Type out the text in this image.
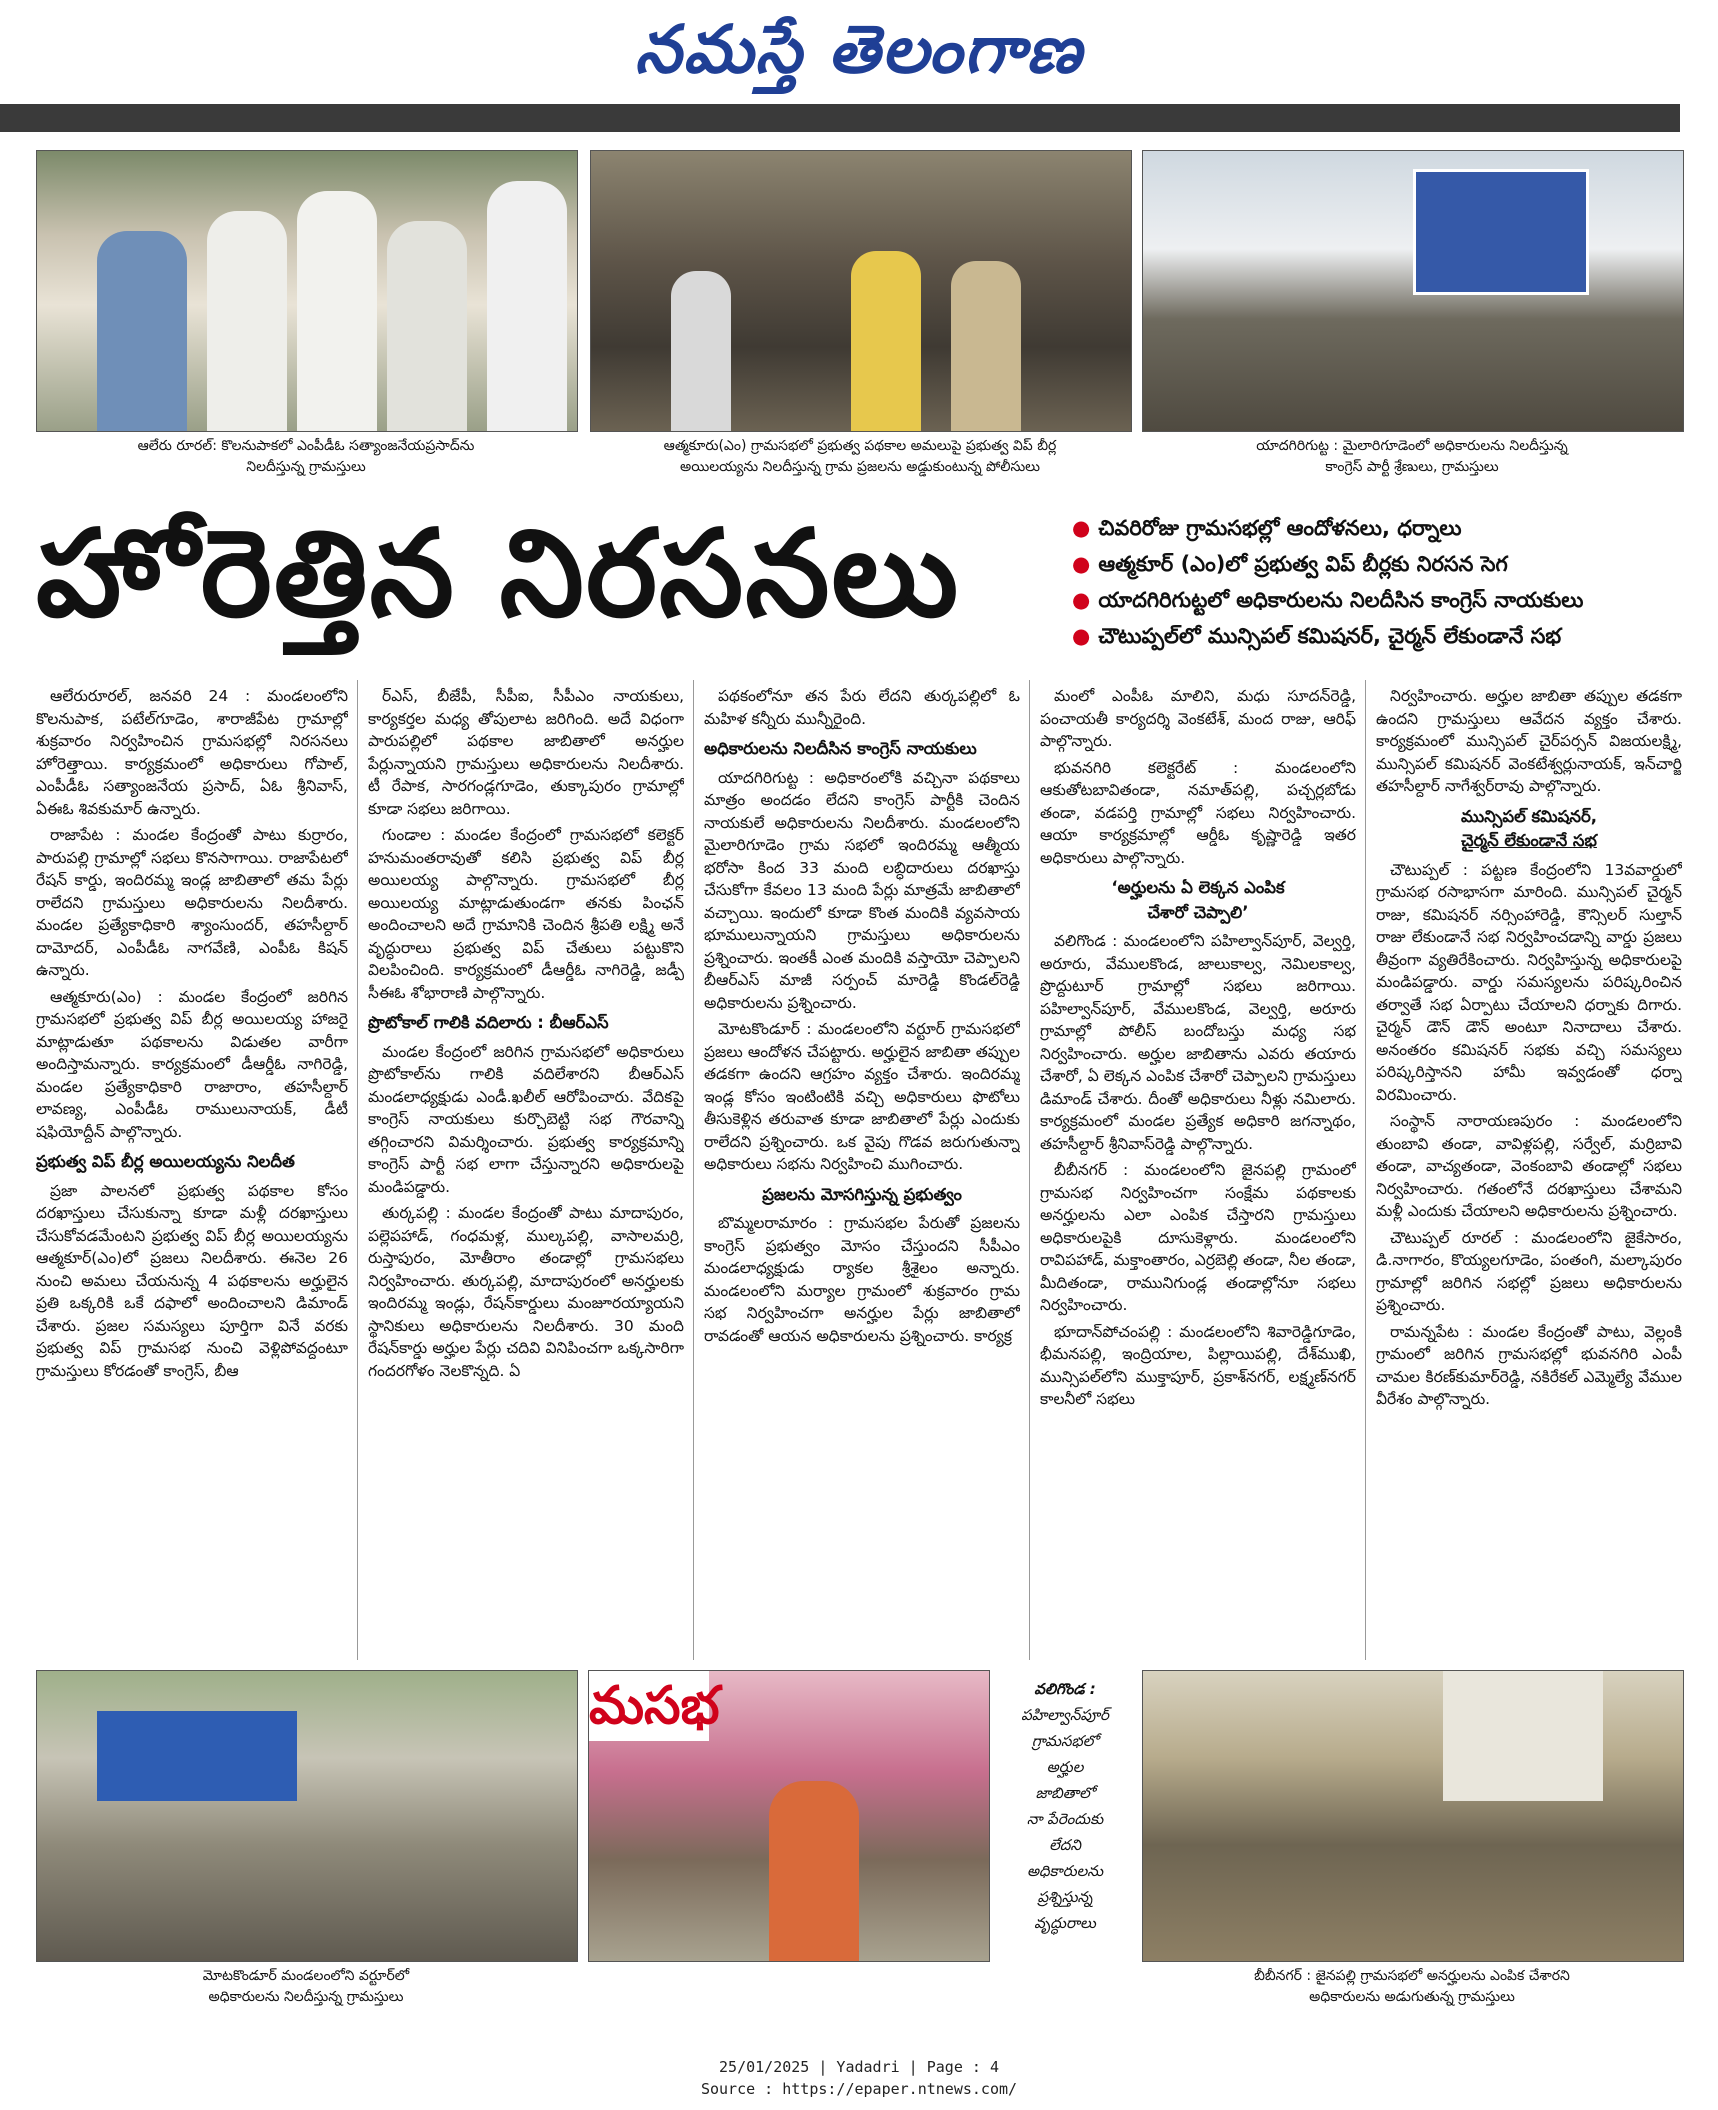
నమస్తే తెలంగాణ
ఆలేరు రూరల్‌: కొలనుపాకలో ఎంపీడీఓ సత్యాంజనేయప్రసాద్‌ను
నిలదీస్తున్న గ్రామస్తులు
ఆత్మకూరు(ఎం) గ్రామసభలో ప్రభుత్వ పథకాల అమలుపై ప్రభుత్వ విప్‌ బీర్ల
అయిలయ్యను నిలదీస్తున్న గ్రామ ప్రజలను అడ్డుకుంటున్న పోలీసులు
యాదగిరిగుట్ట : మైలారిగూడెంలో అధికారులను నిలదీస్తున్న
కాంగ్రెస్‌ పార్టీ శ్రేణులు, గ్రామస్తులు
హోరెత్తిన నిరసనలు	● చివరిరోజు గ్రామసభల్లో ఆందోళనలు, ధర్నాలు
● ఆత్మకూర్‌ (ఎం)లో ప్రభుత్వ విప్‌ బీర్లకు నిరసన సెగ
● యాదగిరిగుట్టలో అధికారులను నిలదీసిన కాంగ్రెస్‌ నాయకులు
● చౌటుప్పల్‌లో మున్సిపల్‌ కమిషనర్‌, చైర్మన్‌ లేకుండానే సభ

ఆలేరురూరల్‌, జనవరి 24 : మండలంలోని కొలనుపాక, పటేల్‌గూడెం, శారాజీపేట గ్రామాల్లో శుక్రవారం నిర్వహించిన గ్రామసభల్లో నిరసనలు హోరెత్తాయి. కార్యక్రమంలో అధికారులు గోపాల్‌, ఎంపీడీఓ సత్యాంజనేయ ప్రసాద్‌, ఏఓ శ్రీనివాస్‌, ఏఈఓ శివకుమార్‌ ఉన్నారు.

రాజాపేట : మండల కేంద్రంతో పాటు కుర్రారం, పారుపల్లి గ్రామాల్లో సభలు కొనసాగాయి. రాజాపేటలో రేషన్‌ కార్డు, ఇందిరమ్మ ఇండ్ల జాబితాలో తమ పేర్లు రాలేదని గ్రామస్తులు అధికారులను నిలదీశారు. మండల ప్రత్యేకాధికారి శ్యాంసుందర్‌, తహసీల్దార్‌ దామోదర్‌, ఎంపీడీఓ నాగవేణి, ఎంపీఓ కిషన్‌ ఉన్నారు.

ఆత్మకూరు(ఎం) : మండల కేంద్రంలో జరిగిన గ్రామసభలో ప్రభుత్వ విప్‌ బీర్ల అయిలయ్య హాజరై మాట్లాడుతూ పథకాలను విడుతల వారీగా అందిస్తామన్నారు. కార్యక్రమంలో డీఆర్డీఓ నాగిరెడ్డి, మండల ప్రత్యేకాధికారి రాజారాం, తహసీల్దార్‌ లావణ్య, ఎంపీడీఓ రాములునాయక్‌, డీటీ షఫియోద్దీన్‌ పాల్గొన్నారు.

ప్రభుత్వ విప్‌ బీర్ల అయిలయ్యను నిలదీత

ప్రజా పాలనలో ప్రభుత్వ పథకాల కోసం దరఖాస్తులు చేసుకున్నా కూడా మళ్లీ దరఖాస్తులు చేసుకోవడమేంటని ప్రభుత్వ విప్‌ బీర్ల అయిలయ్యను ఆత్మకూర్‌(ఎం)లో ప్రజలు నిలదీశారు. ఈనెల 26 నుంచి అమలు చేయనున్న 4 పథకాలను అర్హులైన ప్రతి ఒక్కరికి ఒకే దఫాలో అందించాలని డిమాండ్‌ చేశారు. ప్రజల సమస్యలు పూర్తిగా వినే వరకు ప్రభుత్వ విప్‌ గ్రామసభ నుంచి వెళ్లిపోవద్దంటూ గ్రామస్తులు కోరడంతో కాంగ్రెస్‌, బీఆ

ర్‌ఎస్‌, బీజేపీ, సీపీఐ, సీపీఎం నాయకులు, కార్యకర్తల మధ్య తోపులాట జరిగింది. అదే విధంగా పారుపల్లిలో పథకాల జాబితాలో అనర్హుల పేర్లున్నాయని గ్రామస్తులు అధికారులను నిలదీశారు. టీ రేపాక, సారగండ్లగూడెం, తుక్కాపురం గ్రామాల్లో కూడా సభలు జరిగాయి.

గుండాల : మండల కేంద్రంలో గ్రామసభలో కలెక్టర్‌ హనుమంతరావుతో కలిసి ప్రభుత్వ విప్‌ బీర్ల అయిలయ్య పాల్గొన్నారు. గ్రామసభలో బీర్ల అయిలయ్య మాట్లాడుతుండగా తనకు పింఛన్‌ అందించాలని అదే గ్రామానికి చెందిన శ్రీపతి లక్ష్మి అనే వృద్ధురాలు ప్రభుత్వ విప్‌ చేతులు పట్టుకొని విలపించింది. కార్యక్రమంలో డీఆర్డీఓ నాగిరెడ్డి, జడ్పీ సీఈఓ శోభారాణి పాల్గొన్నారు.

ప్రొటోకాల్‌ గాలికి వదిలారు : బీఆర్‌ఎస్‌

మండల కేంద్రంలో జరిగిన గ్రామసభలో అధికారులు ప్రొటోకాల్‌ను గాలికి వదిలేశారని బీఆర్‌ఎస్‌ మండలాధ్యక్షుడు ఎండీ.ఖలీల్‌ ఆరోపించారు. వేదికపై కాంగ్రెస్‌ నాయకులు కుర్చొబెట్టి సభ గౌరవాన్ని తగ్గించారని విమర్శించారు. ప్రభుత్వ కార్యక్రమాన్ని కాంగ్రెస్‌ పార్టీ సభ లాగా చేస్తున్నారని అధికారులపై మండిపడ్డారు.

తుర్కపల్లి : మండల కేంద్రంతో పాటు మాదాపురం, పల్లెపహాడ్‌, గంధమళ్ల, ముల్కపల్లి, వాసాలమర్రి, రుస్తాపురం, మోతీరాం తండాల్లో గ్రామసభలు నిర్వహించారు. తుర్కపల్లి, మాదాపురంలో అనర్హులకు ఇందిరమ్మ ఇండ్లు, రేషన్‌కార్డులు మంజూరయ్యాయని స్థానికులు అధికారులను నిలదీశారు. 30 మంది రేషన్‌కార్డు అర్హుల పేర్లు చదివి వినిపించగా ఒక్కసారిగా గందరగోళం నెలకొన్నది. ఏ

పథకంలోనూ తన పేరు లేదని తుర్కపల్లిలో ఓ మహిళ కన్నీరు మున్నీరైంది.

అధికారులను నిలదీసిన కాంగ్రెస్‌ నాయకులు

యాదగిరిగుట్ట : అధికారంలోకి వచ్చినా పథకాలు మాత్రం అందడం లేదని కాంగ్రెస్‌ పార్టీకి చెందిన నాయకులే అధికారులను నిలదీశారు. మండలంలోని మైలారిగూడెం గ్రామ సభలో ఇందిరమ్మ ఆత్మీయ భరోసా కింద 33 మంది లబ్ధిదారులు దరఖాస్తు చేసుకోగా కేవలం 13 మంది పేర్లు మాత్రమే జాబితాలో వచ్చాయి. ఇందులో కూడా కొంత మందికి వ్యవసాయ భూములున్నాయని గ్రామస్తులు అధికారులను ప్రశ్నించారు. ఇంతకీ ఎంత మందికి వస్తాయో చెప్పాలని బీఆర్‌ఎస్‌ మాజీ సర్పంచ్‌ మారెడ్డి కొండల్‌రెడ్డి అధికారులను ప్రశ్నించారు.

మోటకొండూర్‌ : మండలంలోని వర్టూర్‌ గ్రామసభలో ప్రజలు ఆందోళన చేపట్టారు. అర్హులైన జాబితా తప్పుల తడకగా ఉందని ఆగ్రహం వ్యక్తం చేశారు. ఇందిరమ్మ ఇండ్ల కోసం ఇంటింటికి వచ్చి అధికారులు ఫొటోలు తీసుకెళ్లిన తరువాత కూడా జాబితాలో పేర్లు ఎందుకు రాలేదని ప్రశ్నించారు. ఒక వైపు గొడవ జరుగుతున్నా అధికారులు సభను నిర్వహించి ముగించారు.

ప్రజలను మోసగిస్తున్న ప్రభుత్వం

బొమ్మలరామారం : గ్రామసభల పేరుతో ప్రజలను కాంగ్రెస్‌ ప్రభుత్వం మోసం చేస్తుందని సీపీఎం మండలాధ్యక్షుడు ర్యాకల శ్రీశైలం అన్నారు. మండలంలోని మర్యాల గ్రామంలో శుక్రవారం గ్రామ సభ నిర్వహించగా అనర్హుల పేర్లు జాబితాలో రావడంతో ఆయన అధికారులను ప్రశ్నించారు. కార్యక్ర

మంలో ఎంపీఓ మాలిని, మధు సూదన్‌రెడ్డి, పంచాయతీ కార్యదర్శి వెంకటేశ్‌, మంద రాజు, ఆరిఫ్‌ పాల్గొన్నారు.

భువనగిరి కలెక్టరేట్‌ : మండలంలోని ఆకుతోటబావితండా, నమాత్‌పల్లి, పచ్చర్లబోడు తండా, వడపర్తి గ్రామాల్లో సభలు నిర్వహించారు. ఆయా కార్యక్రమాల్లో ఆర్డీఓ కృష్ణారెడ్డి ఇతర అధికారులు పాల్గొన్నారు.

‘అర్హులను ఏ లెక్కన ఎంపిక
చేశారో చెప్పాలి’

వలిగొండ : మండలంలోని పహిల్వాన్‌పూర్‌, వెల్వర్తి, అరూరు, వేములకొండ, జాలుకాల్వ, నెమిలకాల్వ, ప్రొద్దుటూర్‌ గ్రామాల్లో సభలు జరిగాయి. పహిల్వాన్‌పూర్‌, వేములకొండ, వెల్వర్తి, అరూరు గ్రామాల్లో పోలీస్‌ బందోబస్తు మధ్య సభ నిర్వహించారు. అర్హుల జాబితాను ఎవరు తయారు చేశారో, ఏ లెక్కన ఎంపిక చేశారో చెప్పాలని గ్రామస్తులు డిమాండ్‌ చేశారు. దీంతో అధికారులు నీళ్లు నమిలారు. కార్యక్రమంలో మండల ప్రత్యేక అధికారి జగన్నాథం, తహసీల్దార్‌ శ్రీనివాస్‌రెడ్డి పాల్గొన్నారు.

బీబీనగర్‌ : మండలంలోని జైనపల్లి గ్రామంలో గ్రామసభ నిర్వహించగా సంక్షేమ పథకాలకు అనర్హులను ఎలా ఎంపిక చేస్తారని గ్రామస్తులు అధికారులపైకి దూసుకెళ్లారు. మండలంలోని రావిపహాడ్‌, మక్తాంతారం, ఎర్రబెల్లి తండా, నీల తండా, మీదితండా, రామునిగుండ్ల తండాల్లోనూ సభలు నిర్వహించారు.

భూదాన్‌పోచంపల్లి : మండలంలోని శివారెడ్డిగూడెం, భీమనపల్లి, ఇంద్రియాల, పిల్లాయిపల్లి, దేశ్‌ముఖి, మున్సిపల్‌లోని ముక్తాపూర్‌, ప్రకాశ్‌నగర్‌, లక్ష్మణ్‌నగర్‌ కాలనీలో సభలు

నిర్వహించారు. అర్హుల జాబితా తప్పుల తడకగా ఉందని గ్రామస్తులు ఆవేదన వ్యక్తం చేశారు. కార్యక్రమంలో మున్సిపల్‌ చైర్‌పర్సన్‌ విజయలక్ష్మి, మున్సిపల్‌ కమిషనర్‌ వెంకటేశ్వర్లునాయక్‌, ఇన్‌చార్జి తహసీల్దార్‌ నాగేశ్వర్‌రావు పాల్గొన్నారు.

మున్సిపల్‌ కమిషనర్‌,
చైర్మన్‌ లేకుండానే సభ

చౌటుప్పల్‌ : పట్టణ కేంద్రంలోని 13వవార్డులో గ్రామసభ రసాభాసగా మారింది. మున్సిపల్‌ చైర్మన్‌ రాజు, కమిషనర్‌ నర్సింహారెడ్డి, కౌన్సిలర్‌ సుల్తాన్‌ రాజు లేకుండానే సభ నిర్వహించడాన్ని వార్డు ప్రజలు తీవ్రంగా వ్యతిరేకించారు. నిర్వహిస్తున్న అధికారులపై మండిపడ్డారు. వార్డు సమస్యలను పరిష్కరించిన తర్వాతే సభ ఏర్పాటు చేయాలని ధర్నాకు దిగారు. చైర్మన్‌ డౌన్‌ డౌన్‌ అంటూ నినాదాలు చేశారు. అనంతరం కమిషనర్‌ సభకు వచ్చి సమస్యలు పరిష్కరిస్తానని హామీ ఇవ్వడంతో ధర్నా విరమించారు.

సంస్థాన్‌ నారాయణపురం : మండలంలోని తుంబావి తండా, వావిళ్లపల్లి, సర్వేల్‌, మర్రిబావి తండా, వాచ్యతండా, వెంకంబావి తండాల్లో సభలు నిర్వహించారు. గతంలోనే దరఖాస్తులు చేశామని మళ్లీ ఎందుకు చేయాలని అధికారులను ప్రశ్నించారు.

చౌటుప్పల్‌ రూరల్‌ : మండలంలోని జైకేసారం, డి.నాగారం, కొయ్యలగూడెం, పంతంగి, మల్కాపురం గ్రామాల్లో జరిగిన సభల్లో ప్రజలు అధికారులను ప్రశ్నించారు.

రామన్నపేట : మండల కేంద్రంతో పాటు, వెల్లంకి గ్రామంలో జరిగిన గ్రామసభల్లో భువనగిరి ఎంపీ చామల కిరణ్‌కుమార్‌రెడ్డి, నకిరేకల్‌ ఎమ్మెల్యే వేముల వీరేశం పాల్గొన్నారు.

మసభ	వలిగొండ :
పహిల్వాన్‌పూర్‌
గ్రామసభలో
అర్హుల
జాబితాలో
నా పేరెందుకు
లేదని
అధికారులను
ప్రశ్నిస్తున్న
వృద్ధురాలు
మోటకొండూర్‌ మండలంలోని వర్టూర్‌లో
అధికారులను నిలదీస్తున్న గ్రామస్తులు
బీబీనగర్‌ : జైనపల్లి గ్రామసభలో అనర్హులను ఎంపిక చేశారని
అధికారులను అడుగుతున్న గ్రామస్తులు
25/01/2025 | Yadadri | Page : 4
Source : https://epaper.ntnews.com/
